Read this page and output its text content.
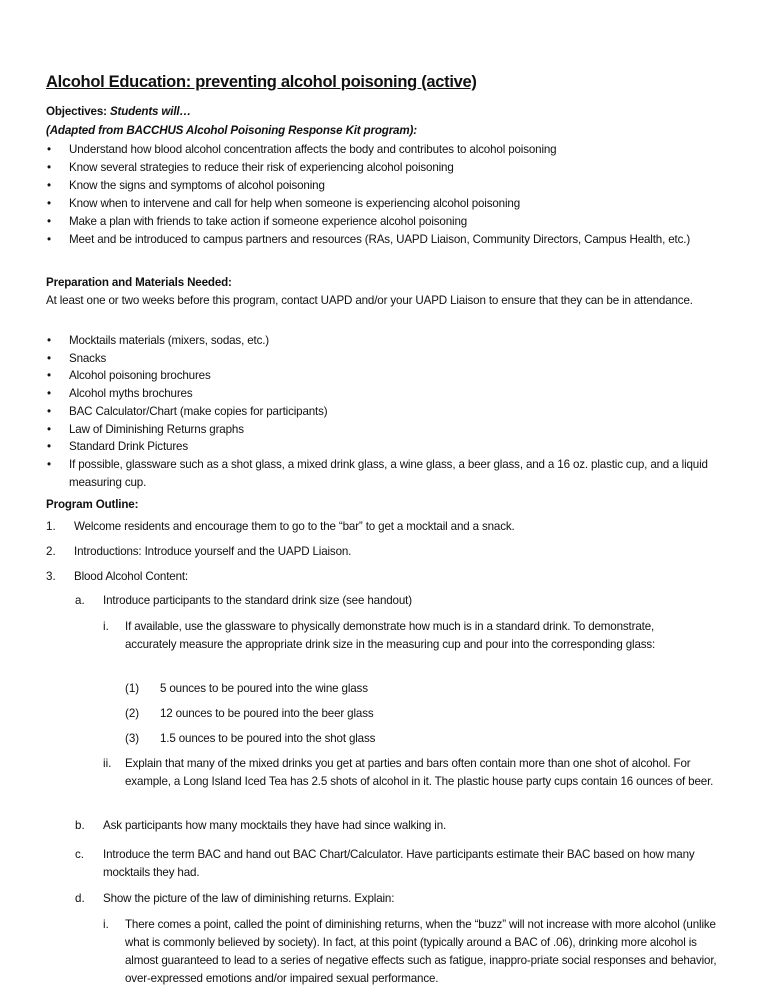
Alcohol Education: preventing alcohol poisoning (active)
Objectives: Students will…
(Adapted from BACCHUS Alcohol Poisoning Response Kit program):
• Understand how blood alcohol concentration affects the body and contributes to alcohol poisoning
• Know several strategies to reduce their risk of experiencing alcohol poisoning
• Know the signs and symptoms of alcohol poisoning
• Know when to intervene and call for help when someone is experiencing alcohol poisoning
• Make a plan with friends to take action if someone experience alcohol poisoning
• Meet and be introduced to campus partners and resources (RAs, UAPD Liaison, Community Directors, Campus Health, etc.)
Preparation and Materials Needed:
At least one or two weeks before this program, contact UAPD and/or your UAPD Liaison to ensure that they can be in attendance.
• Mocktails materials (mixers, sodas, etc.)
• Snacks
• Alcohol poisoning brochures
• Alcohol myths brochures
• BAC Calculator/Chart (make copies for participants)
• Law of Diminishing Returns graphs
• Standard Drink Pictures
• If possible, glassware such as a shot glass, a mixed drink glass, a wine glass, a beer glass, and a 16 oz. plastic cup, and a liquid measuring cup.
Program Outline:
1. Welcome residents and encourage them to go to the “bar” to get a mocktail and a snack.
2. Introductions: Introduce yourself and the UAPD Liaison.
3. Blood Alcohol Content:
a. Introduce participants to the standard drink size (see handout)
i. If available, use the glassware to physically demonstrate how much is in a standard drink. To demonstrate, accurately measure the appropriate drink size in the measuring cup and pour into the corresponding glass:
(1) 5 ounces to be poured into the wine glass
(2) 12 ounces to be poured into the beer glass
(3) 1.5 ounces to be poured into the shot glass
ii. Explain that many of the mixed drinks you get at parties and bars often contain more than one shot of alcohol. For example, a Long Island Iced Tea has 2.5 shots of alcohol in it. The plastic house party cups contain 16 ounces of beer.
b. Ask participants how many mocktails they have had since walking in.
c. Introduce the term BAC and hand out BAC Chart/Calculator. Have participants estimate their BAC based on how many mocktails they had.
d. Show the picture of the law of diminishing returns. Explain:
i. There comes a point, called the point of diminishing returns, when the “buzz” will not increase with more alcohol (unlike what is commonly believed by society). In fact, at this point (typically around a BAC of .06), drinking more alcohol is almost guaranteed to lead to a series of negative effects such as fatigue, inappro-priate social responses and behavior, over-expressed emotions and/or impaired sexual performance.
